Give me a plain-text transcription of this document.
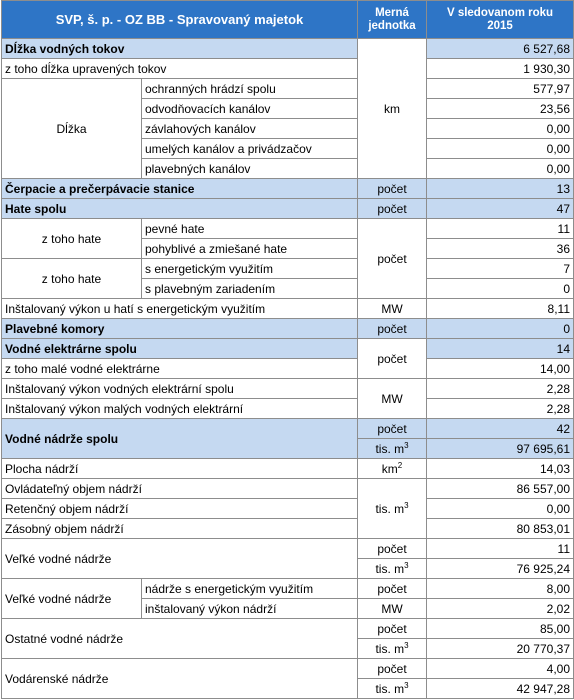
SVP, š. p. - OZ BB - Spravovaný majetok		Merná
jednotka	V sledovanom roku
2015
Dĺžka vodných tokov		km	6 527,68
z toho dĺžka upravených tokov			1 930,30
Dĺžka	ochranných hrádzí spolu		577,97
	odvodňovacích kanálov		23,56
	závlahových kanálov		0,00
	umelých kanálov a privádzačov		0,00
	plavebných kanálov		0,00
Čerpacie a prečerpávacie stanice		počet	13
Hate spolu		počet	47
z toho hate	pevné hate	počet	11
	pohyblivé a zmiešané hate		36
z toho hate	s energetickým využitím		7
	s plavebným zariadením		0
Inštalovaný výkon u hatí s energetickým využitím		MW	8,11
Plavebné komory		počet	0
Vodné elektrárne spolu		počet	14
z toho malé vodné elektrárne			14,00
Inštalovaný výkon vodných elektrární spolu		MW	2,28
Inštalovaný výkon malých vodných elektrární			2,28
Vodné nádrže spolu		počet	42
		tis. $m^3$	97 695,61
Plocha nádrží		$km^2$	14,03
Ovládateľný objem nádrží		tis. $m^3$	86 557,00
Retenčný objem nádrží			0,00
Zásobný objem nádrží			80 853,01
Veľké vodné nádrže		počet	11
		tis. $m^3$	76 925,24
Veľké vodné nádrže	nádrže s energetickým využitím	počet	8,00
	inštalovaný výkon nádrží	MW	2,02
Ostatné vodné nádrže		počet	85,00
		tis. $m^3$	20 770,37
Vodárenské nádrže		počet	4,00
		tis. $m^3$	42 947,28
